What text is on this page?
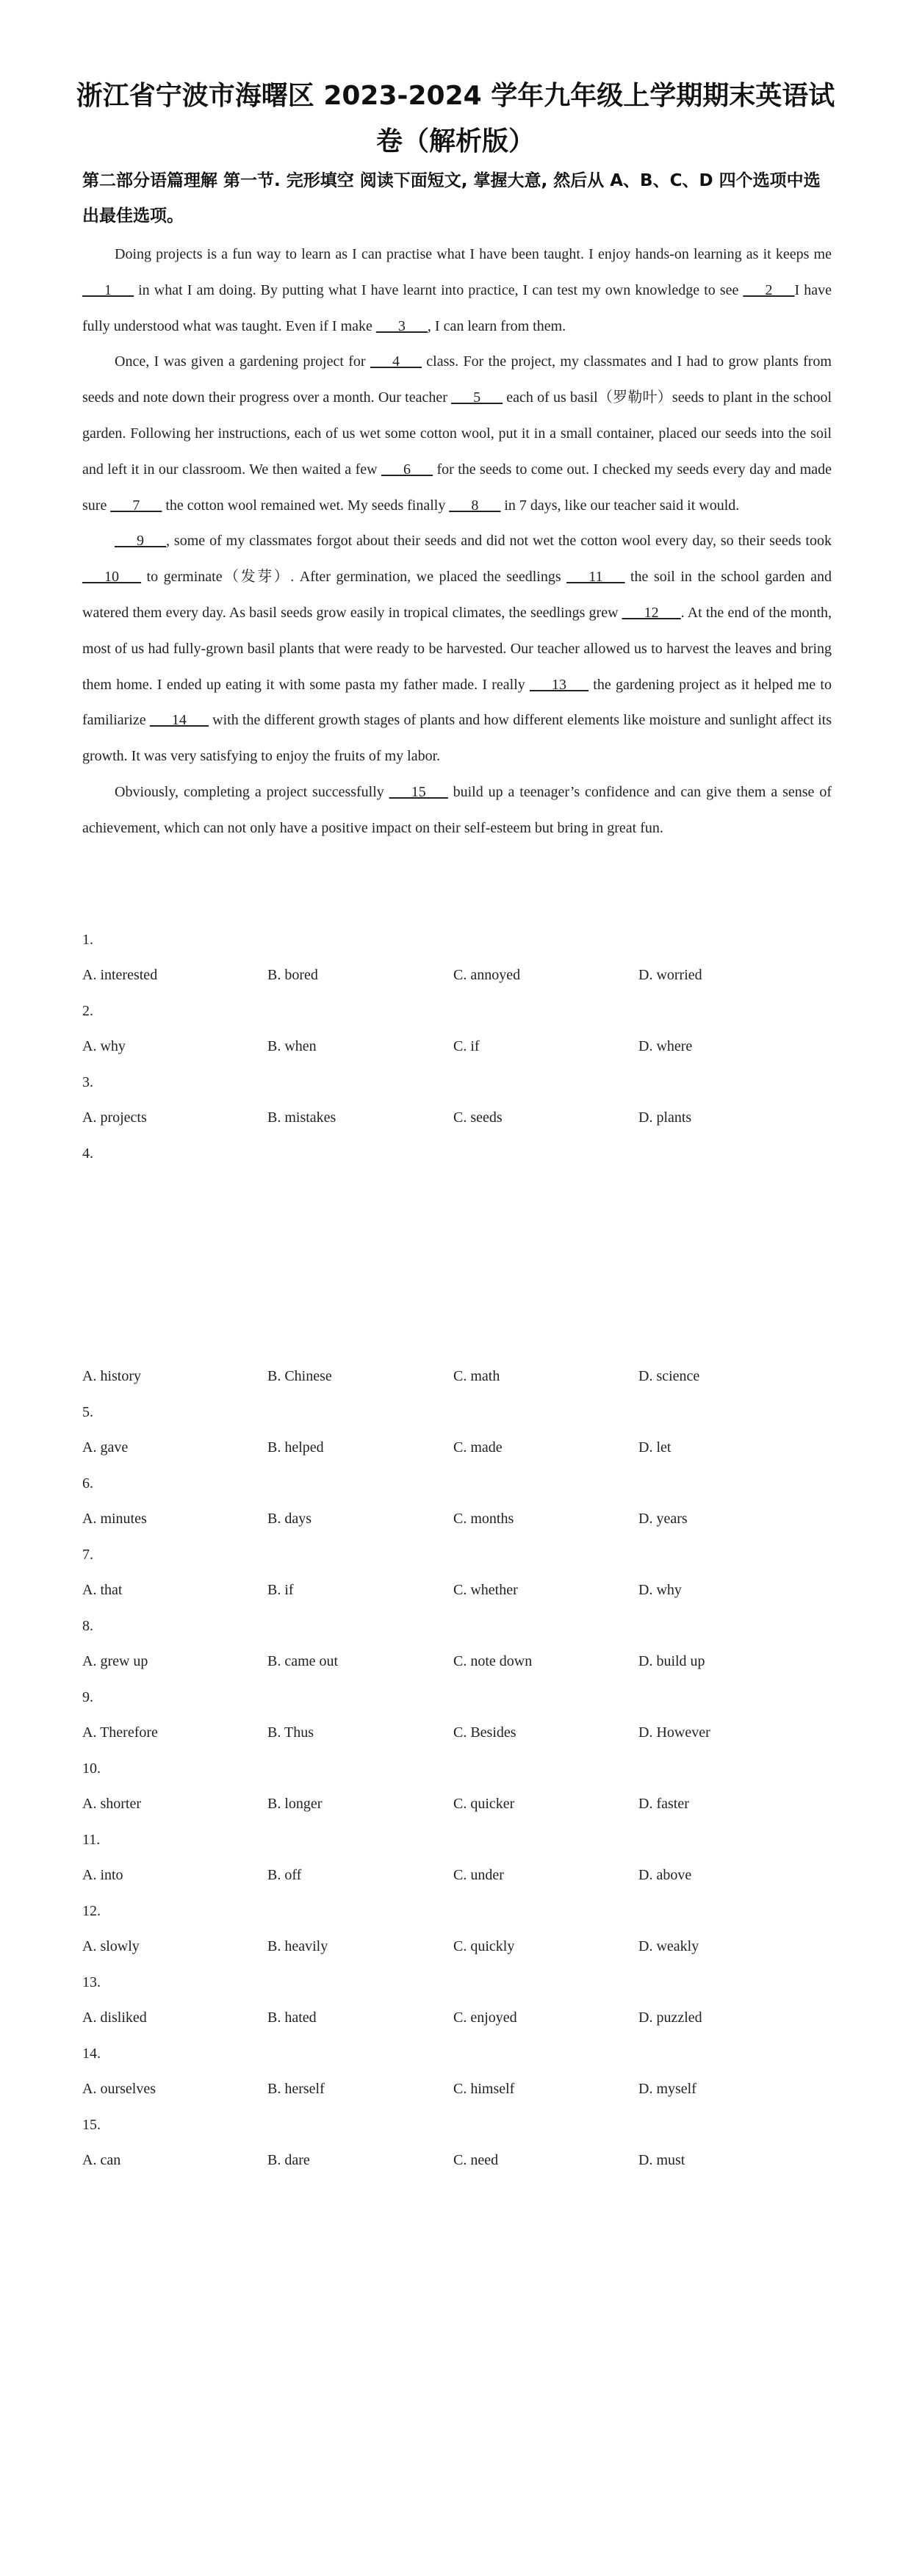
浙江省宁波市海曙区 2023-2024 学年九年级上学期期末英语试卷（解析版）
第二部分语篇理解 第一节. 完形填空 阅读下面短文, 掌握大意, 然后从 A、B、C、D 四个选项中选出最佳选项。

Doing projects is a fun way to learn as I can practise what I have been taught. I enjoy hands-on learning as it keeps me ___1___ in what I am doing. By putting what I have learnt into practice, I can test my own knowledge to see ___2___I have fully understood what was taught. Even if I make ___3___, I can learn from them.

Once, I was given a gardening project for ___4___ class. For the project, my classmates and I had to grow plants from seeds and note down their progress over a month. Our teacher ___5___ each of us basil（罗勒叶）seeds to plant in the school garden. Following her instructions, each of us wet some cotton wool, put it in a small container, placed our seeds into the soil and left it in our classroom. We then waited a few ___6___ for the seeds to come out. I checked my seeds every day and made sure ___7___ the cotton wool remained wet. My seeds finally ___8___ in 7 days, like our teacher said it would.

___9___, some of my classmates forgot about their seeds and did not wet the cotton wool every day, so their seeds took ___10___ to germinate（发芽）. After germination, we placed the seedlings ___11___ the soil in the school garden and watered them every day. As basil seeds grow easily in tropical climates, the seedlings grew ___12___. At the end of the month, most of us had fully-grown basil plants that were ready to be harvested. Our teacher allowed us to harvest the leaves and bring them home. I ended up eating it with some pasta my father made. I really ___13___ the gardening project as it helped me to familiarize ___14___ with the different growth stages of plants and how different elements like moisture and sunlight affect its growth. It was very satisfying to enjoy the fruits of my labor.

Obviously, completing a project successfully ___15___ build up a teenager’s confidence and can give them a sense of achievement, which can not only have a positive impact on their self-esteem but bring in great fun.

1.
A. interested	B. bored	C. annoyed	D. worried
2.
A. why	B. when	C. if	D. where
3.
A. projects	B. mistakes	C. seeds	D. plants
4.
A. history	B. Chinese	C. math	D. science
5.
A. gave	B. helped	C. made	D. let
6.
A. minutes	B. days	C. months	D. years
7.
A. that	B. if	C. whether	D. why
8.
A. grew up	B. came out	C. note down	D. build up
9.
A. Therefore	B. Thus	C. Besides	D. However
10.
A. shorter	B. longer	C. quicker	D. faster
11.
A. into	B. off	C. under	D. above
12.
A. slowly	B. heavily	C. quickly	D. weakly
13.
A. disliked	B. hated	C. enjoyed	D. puzzled
14.
A. ourselves	B. herself	C. himself	D. myself
15.
A. can	B. dare	C. need	D. must
